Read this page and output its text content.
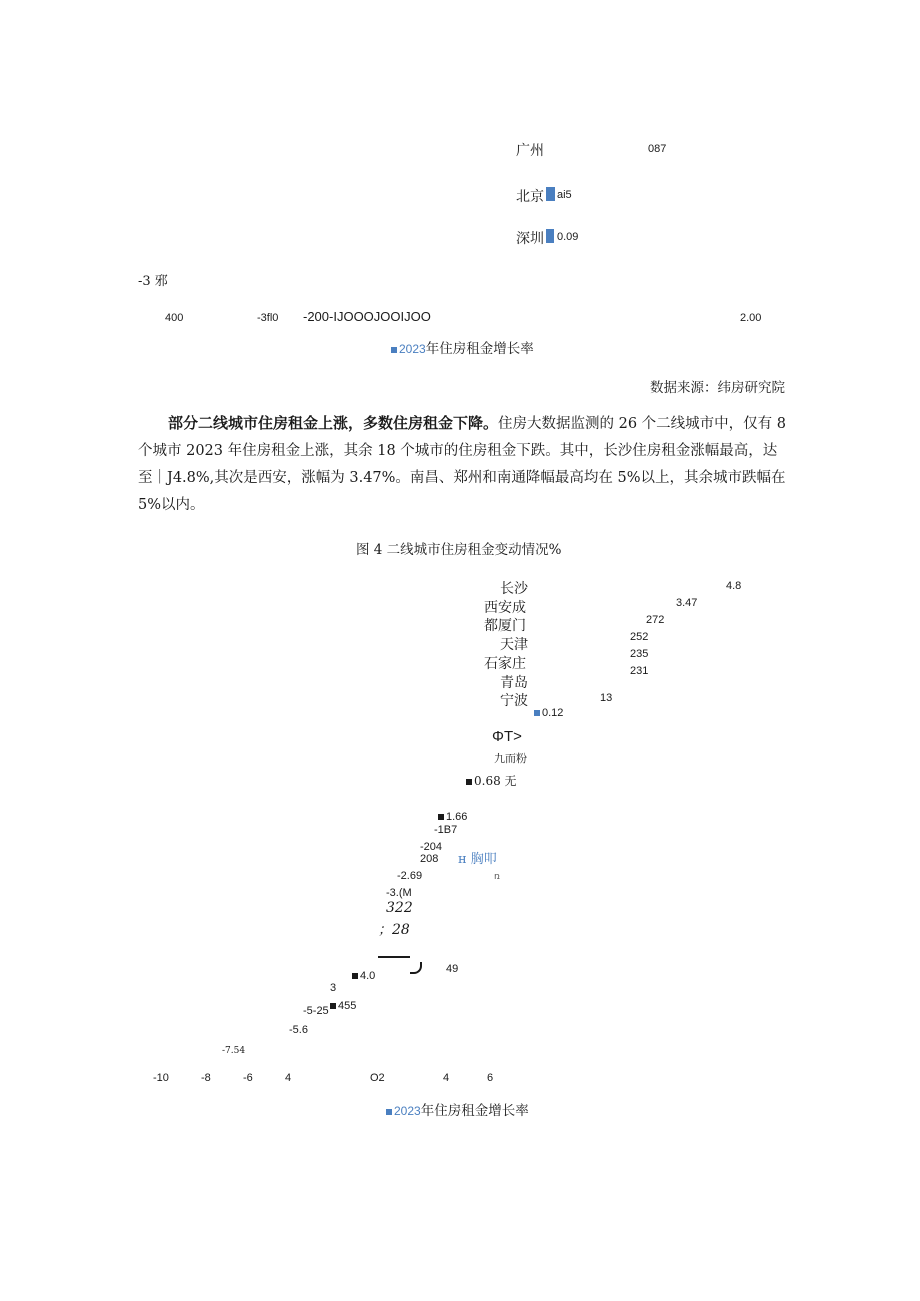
广州	087
北京 ai5
深圳 0.09
-3 邪
400	-3fl0 -200-IJOOOJOOIJOO	2.00
2023年住房租金增长率
数据来源：纬房研究院
部分二线城市住房租金上涨，多数住房租金下降。住房大数据监测的 26 个二线城市中，仅有 8 个城市 2023 年住房租金上涨，其余 18 个城市的住房租金下跌。其中，长沙住房租金涨幅最高，达至｜J4.8%,其次是西安，涨幅为 3.47%。南昌、郑州和南通降幅最高均在 5%以上，其余城市跌幅在 5%以内。
图 4 二线城市住房租金变动情况%
长沙
西安成
都厦门
天津
石家庄
青岛
宁波
4.8
3.47
272
252
235
231
13
0.12
ΦT>
九而粉
0.68 无
1.66
-1B7
-204
208 н 胸叩
ռ
-2.69
-3.(M
322
；28
4.0
49
3
-5-25 455
-5.6
-7.54
-10	-8	-6	4	O2	4	6
2023年住房租金增长率
